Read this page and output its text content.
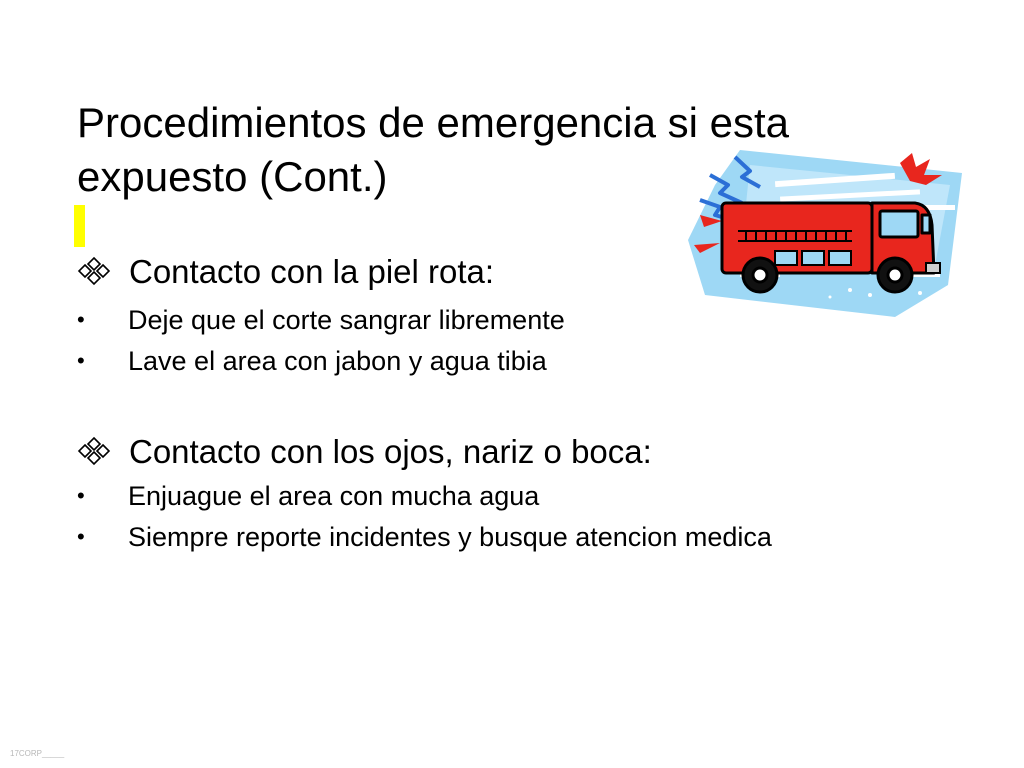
Procedimientos de emergencia si esta expuesto (Cont.)
Contacto con la piel rota:
• Deje que el corte sangrar libremente
• Lave el area con jabon y agua tibia
Contacto con los ojos, nariz o boca:
• Enjuague el area con mucha agua
• Siempre reporte incidentes y busque atencion medica
17CORP_____
